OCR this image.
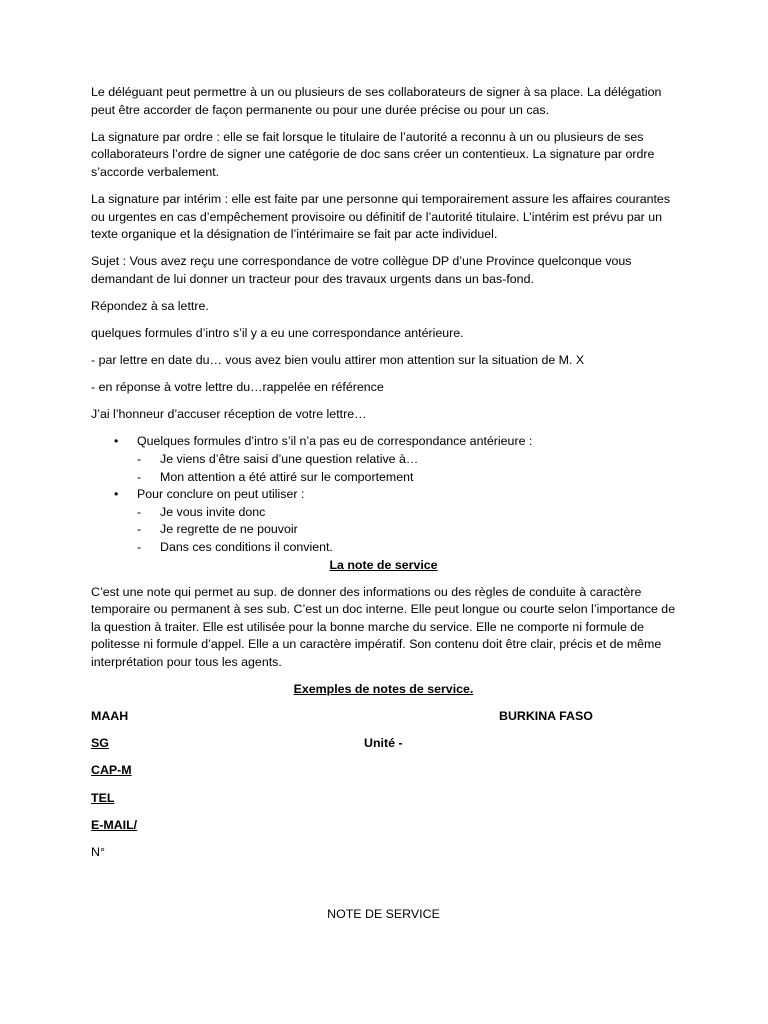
Le déléguant peut permettre à un ou plusieurs de ses collaborateurs de signer à sa place. La délégation peut être accorder de façon permanente ou pour une durée précise ou pour un cas.

La signature par ordre : elle se fait lorsque le titulaire de l’autorité a reconnu à un ou plusieurs de ses collaborateurs l’ordre de signer une catégorie de doc sans créer un contentieux. La signature par ordre s’accorde verbalement.

La signature par intérim : elle est faite par une personne qui temporairement assure les affaires courantes ou urgentes en cas d’empêchement provisoire ou définitif de l’autorité titulaire. L’intérim est prévu par un texte organique et la désignation de l’intérimaire se fait par acte individuel.

Sujet : Vous avez reçu une correspondance de votre collègue DP d’une Province quelconque vous demandant de lui donner un tracteur pour des travaux urgents dans un bas-fond.

Répondez à sa lettre.

quelques formules d’intro s’il y a eu une correspondance antérieure.

- par lettre en date du… vous avez bien voulu attirer mon attention sur la situation de M. X

- en réponse à votre lettre du…rappelée en référence

J’ai l’honneur d’accuser réception de votre lettre…

• Quelques formules d’intro s’il n’a pas eu de correspondance antérieure :
- Je viens d’être saisi d’une question relative à…
- Mon attention a été attiré sur le comportement
• Pour conclure on peut utiliser :
- Je vous invite donc
- Je regrette de ne pouvoir
- Dans ces conditions il convient.

La note de service

C’est une note qui permet au sup. de donner des informations ou des règles de conduite à caractère temporaire ou permanent à ses sub. C’est un doc interne. Elle peut longue ou courte selon l’importance de la question à traiter. Elle est utilisée pour la bonne marche du service. Elle ne comporte ni formule de politesse ni formule d’appel. Elle a un caractère impératif. Son contenu doit être clair, précis et de même interprétation pour tous les agents.

Exemples de notes de service.

MAAH	BURKINA FASO
SG	Unité -
CAP-M
TEL
E-MAIL/
N°

NOTE DE SERVICE
